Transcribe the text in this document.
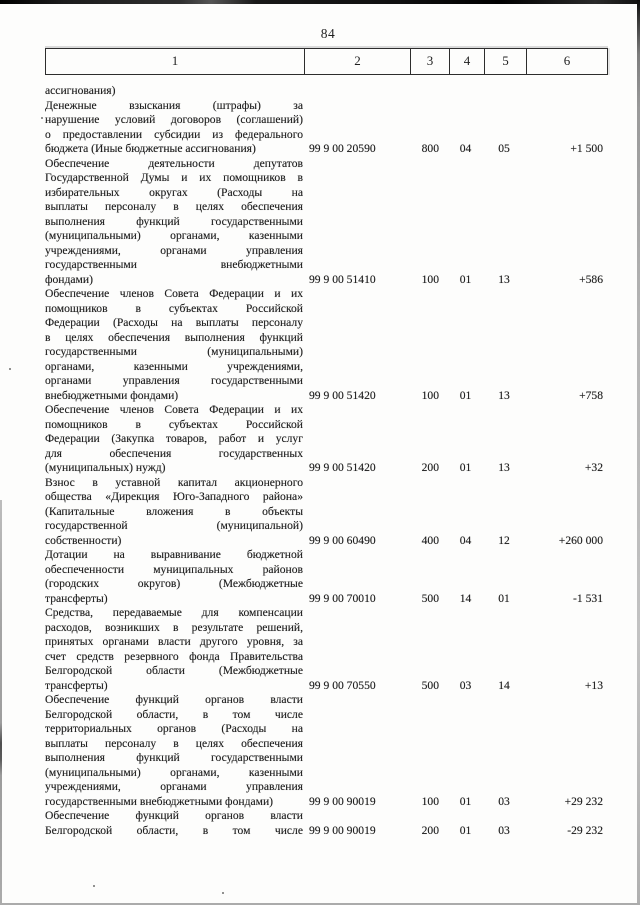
84
1	2	3	4	5	6
ассигнования)
Денежные взыскания (штрафы) за
нарушение условий договоров (соглашений)
о предоставлении субсидии из федерального
бюджета (Иные бюджетные ассигнования)	99 9 00 20590	800	04	05	+1 500
Обеспечение деятельности депутатов
Государственной Думы и их помощников в
избирательных округах (Расходы на
выплаты персоналу в целях обеспечения
выполнения функций государственными
(муниципальными) органами, казенными
учреждениями, органами управления
государственными внебюджетными
фондами)	99 9 00 51410	100	01	13	+586
Обеспечение членов Совета Федерации и их
помощников в субъектах Российской
Федерации (Расходы на выплаты персоналу
в целях обеспечения выполнения функций
государственными (муниципальными)
органами, казенными учреждениями,
органами управления государственными
внебюджетными фондами)	99 9 00 51420	100	01	13	+758
Обеспечение членов Совета Федерации и их
помощников в субъектах Российской
Федерации (Закупка товаров, работ и услуг
для обеспечения государственных
(муниципальных) нужд)	99 9 00 51420	200	01	13	+32
Взнос в уставной капитал акционерного
общества «Дирекция Юго-Западного района»
(Капитальные вложения в объекты
государственной (муниципальной)
собственности)	99 9 00 60490	400	04	12	+260 000
Дотации на выравнивание бюджетной
обеспеченности муниципальных районов
(городских округов) (Межбюджетные
трансферты)	99 9 00 70010	500	14	01	-1 531
Средства, передаваемые для компенсации
расходов, возникших в результате решений,
принятых органами власти другого уровня, за
счет средств резервного фонда Правительства
Белгородской области (Межбюджетные
трансферты)	99 9 00 70550	500	03	14	+13
Обеспечение функций органов власти
Белгородской области, в том числе
территориальных органов (Расходы на
выплаты персоналу в целях обеспечения
выполнения функций государственными
(муниципальными) органами, казенными
учреждениями, органами управления
государственными внебюджетными фондами)	99 9 00 90019	100	01	03	+29 232
Обеспечение функций органов власти
Белгородской области, в том числе 99 9 00 90019	200	01	03	-29 232
